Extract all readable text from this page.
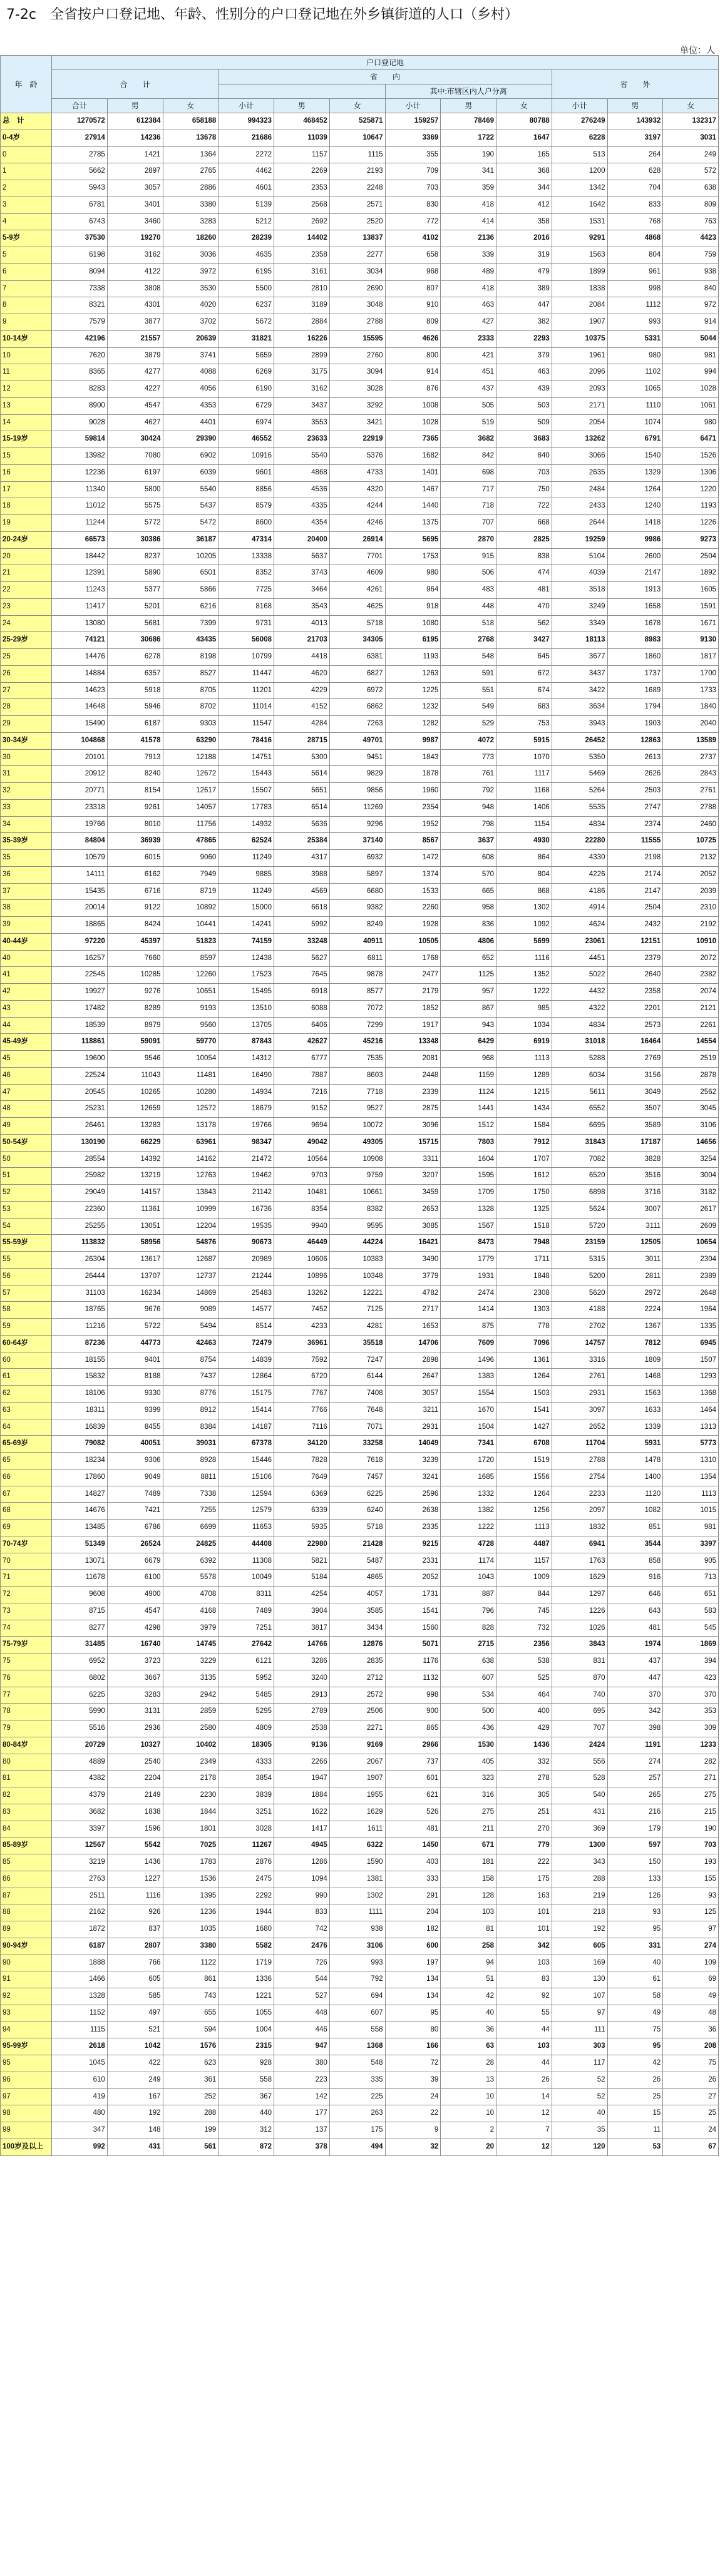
7-2c　全省按户口登记地、年龄、性别分的户口登记地在外乡镇街道的人口（乡村）
单位：人
年　龄	户口登记地											
	合　　计			省　　内						省　　外		
							其中:市辖区内人户分离					
	合计	男	女	小计	男	女	小计	男	女	小计	男	女
总　计	1270572	612384	658188	994323	468452	525871	159257	78469	80788	276249	143932	132317
0-4岁	27914	14236	13678	21686	11039	10647	3369	1722	1647	6228	3197	3031
0	2785	1421	1364	2272	1157	1115	355	190	165	513	264	249
1	5662	2897	2765	4462	2269	2193	709	341	368	1200	628	572
2	5943	3057	2886	4601	2353	2248	703	359	344	1342	704	638
3	6781	3401	3380	5139	2568	2571	830	418	412	1642	833	809
4	6743	3460	3283	5212	2692	2520	772	414	358	1531	768	763
5-9岁	37530	19270	18260	28239	14402	13837	4102	2136	2016	9291	4868	4423
5	6198	3162	3036	4635	2358	2277	658	339	319	1563	804	759
6	8094	4122	3972	6195	3161	3034	968	489	479	1899	961	938
7	7338	3808	3530	5500	2810	2690	807	418	389	1838	998	840
8	8321	4301	4020	6237	3189	3048	910	463	447	2084	1112	972
9	7579	3877	3702	5672	2884	2788	809	427	382	1907	993	914
10-14岁	42196	21557	20639	31821	16226	15595	4626	2333	2293	10375	5331	5044
10	7620	3879	3741	5659	2899	2760	800	421	379	1961	980	981
11	8365	4277	4088	6269	3175	3094	914	451	463	2096	1102	994
12	8283	4227	4056	6190	3162	3028	876	437	439	2093	1065	1028
13	8900	4547	4353	6729	3437	3292	1008	505	503	2171	1110	1061
14	9028	4627	4401	6974	3553	3421	1028	519	509	2054	1074	980
15-19岁	59814	30424	29390	46552	23633	22919	7365	3682	3683	13262	6791	6471
15	13982	7080	6902	10916	5540	5376	1682	842	840	3066	1540	1526
16	12236	6197	6039	9601	4868	4733	1401	698	703	2635	1329	1306
17	11340	5800	5540	8856	4536	4320	1467	717	750	2484	1264	1220
18	11012	5575	5437	8579	4335	4244	1440	718	722	2433	1240	1193
19	11244	5772	5472	8600	4354	4246	1375	707	668	2644	1418	1226
20-24岁	66573	30386	36187	47314	20400	26914	5695	2870	2825	19259	9986	9273
20	18442	8237	10205	13338	5637	7701	1753	915	838	5104	2600	2504
21	12391	5890	6501	8352	3743	4609	980	506	474	4039	2147	1892
22	11243	5377	5866	7725	3464	4261	964	483	481	3518	1913	1605
23	11417	5201	6216	8168	3543	4625	918	448	470	3249	1658	1591
24	13080	5681	7399	9731	4013	5718	1080	518	562	3349	1678	1671
25-29岁	74121	30686	43435	56008	21703	34305	6195	2768	3427	18113	8983	9130
25	14476	6278	8198	10799	4418	6381	1193	548	645	3677	1860	1817
26	14884	6357	8527	11447	4620	6827	1263	591	672	3437	1737	1700
27	14623	5918	8705	11201	4229	6972	1225	551	674	3422	1689	1733
28	14648	5946	8702	11014	4152	6862	1232	549	683	3634	1794	1840
29	15490	6187	9303	11547	4284	7263	1282	529	753	3943	1903	2040
30-34岁	104868	41578	63290	78416	28715	49701	9987	4072	5915	26452	12863	13589
30	20101	7913	12188	14751	5300	9451	1843	773	1070	5350	2613	2737
31	20912	8240	12672	15443	5614	9829	1878	761	1117	5469	2626	2843
32	20771	8154	12617	15507	5651	9856	1960	792	1168	5264	2503	2761
33	23318	9261	14057	17783	6514	11269	2354	948	1406	5535	2747	2788
34	19766	8010	11756	14932	5636	9296	1952	798	1154	4834	2374	2460
35-39岁	84804	36939	47865	62524	25384	37140	8567	3637	4930	22280	11555	10725
35	10579	6015	9060	11249	4317	6932	1472	608	864	4330	2198	2132
36	14111	6162	7949	9885	3988	5897	1374	570	804	4226	2174	2052
37	15435	6716	8719	11249	4569	6680	1533	665	868	4186	2147	2039
38	20014	9122	10892	15000	6618	9382	2260	958	1302	4914	2504	2310
39	18865	8424	10441	14241	5992	8249	1928	836	1092	4624	2432	2192
40-44岁	97220	45397	51823	74159	33248	40911	10505	4806	5699	23061	12151	10910
40	16257	7660	8597	12438	5627	6811	1768	652	1116	4451	2379	2072
41	22545	10285	12260	17523	7645	9878	2477	1125	1352	5022	2640	2382
42	19927	9276	10651	15495	6918	8577	2179	957	1222	4432	2358	2074
43	17482	8289	9193	13510	6088	7072	1852	867	985	4322	2201	2121
44	18539	8979	9560	13705	6406	7299	1917	943	1034	4834	2573	2261
45-49岁	118861	59091	59770	87843	42627	45216	13348	6429	6919	31018	16464	14554
45	19600	9546	10054	14312	6777	7535	2081	968	1113	5288	2769	2519
46	22524	11043	11481	16490	7887	8603	2448	1159	1289	6034	3156	2878
47	20545	10265	10280	14934	7216	7718	2339	1124	1215	5611	3049	2562
48	25231	12659	12572	18679	9152	9527	2875	1441	1434	6552	3507	3045
49	26461	13283	13178	19766	9694	10072	3096	1512	1584	6695	3589	3106
50-54岁	130190	66229	63961	98347	49042	49305	15715	7803	7912	31843	17187	14656
50	28554	14392	14162	21472	10564	10908	3311	1604	1707	7082	3828	3254
51	25982	13219	12763	19462	9703	9759	3207	1595	1612	6520	3516	3004
52	29049	14157	13843	21142	10481	10661	3459	1709	1750	6898	3716	3182
53	22360	11361	10999	16736	8354	8382	2653	1328	1325	5624	3007	2617
54	25255	13051	12204	19535	9940	9595	3085	1567	1518	5720	3111	2609
55-59岁	113832	58956	54876	90673	46449	44224	16421	8473	7948	23159	12505	10654
55	26304	13617	12687	20989	10606	10383	3490	1779	1711	5315	3011	2304
56	26444	13707	12737	21244	10896	10348	3779	1931	1848	5200	2811	2389
57	31103	16234	14869	25483	13262	12221	4782	2474	2308	5620	2972	2648
58	18765	9676	9089	14577	7452	7125	2717	1414	1303	4188	2224	1964
59	11216	5722	5494	8514	4233	4281	1653	875	778	2702	1367	1335
60-64岁	87236	44773	42463	72479	36961	35518	14706	7609	7096	14757	7812	6945
60	18155	9401	8754	14839	7592	7247	2898	1496	1361	3316	1809	1507
61	15832	8188	7437	12864	6720	6144	2647	1383	1264	2761	1468	1293
62	18106	9330	8776	15175	7767	7408	3057	1554	1503	2931	1563	1368
63	18311	9399	8912	15414	7766	7648	3211	1670	1541	3097	1633	1464
64	16839	8455	8384	14187	7116	7071	2931	1504	1427	2652	1339	1313
65-69岁	79082	40051	39031	67378	34120	33258	14049	7341	6708	11704	5931	5773
65	18234	9306	8928	15446	7828	7618	3239	1720	1519	2788	1478	1310
66	17860	9049	8811	15106	7649	7457	3241	1685	1556	2754	1400	1354
67	14827	7489	7338	12594	6369	6225	2596	1332	1264	2233	1120	1113
68	14676	7421	7255	12579	6339	6240	2638	1382	1256	2097	1082	1015
69	13485	6786	6699	11653	5935	5718	2335	1222	1113	1832	851	981
70-74岁	51349	26524	24825	44408	22980	21428	9215	4728	4487	6941	3544	3397
70	13071	6679	6392	11308	5821	5487	2331	1174	1157	1763	858	905
71	11678	6100	5578	10049	5184	4865	2052	1043	1009	1629	916	713
72	9608	4900	4708	8311	4254	4057	1731	887	844	1297	646	651
73	8715	4547	4168	7489	3904	3585	1541	796	745	1226	643	583
74	8277	4298	3979	7251	3817	3434	1560	828	732	1026	481	545
75-79岁	31485	16740	14745	27642	14766	12876	5071	2715	2356	3843	1974	1869
75	6952	3723	3229	6121	3286	2835	1176	638	538	831	437	394
76	6802	3667	3135	5952	3240	2712	1132	607	525	870	447	423
77	6225	3283	2942	5485	2913	2572	998	534	464	740	370	370
78	5990	3131	2859	5295	2789	2506	900	500	400	695	342	353
79	5516	2936	2580	4809	2538	2271	865	436	429	707	398	309
80-84岁	20729	10327	10402	18305	9136	9169	2966	1530	1436	2424	1191	1233
80	4889	2540	2349	4333	2266	2067	737	405	332	556	274	282
81	4382	2204	2178	3854	1947	1907	601	323	278	528	257	271
82	4379	2149	2230	3839	1884	1955	621	316	305	540	265	275
83	3682	1838	1844	3251	1622	1629	526	275	251	431	216	215
84	3397	1596	1801	3028	1417	1611	481	211	270	369	179	190
85-89岁	12567	5542	7025	11267	4945	6322	1450	671	779	1300	597	703
85	3219	1436	1783	2876	1286	1590	403	181	222	343	150	193
86	2763	1227	1536	2475	1094	1381	333	158	175	288	133	155
87	2511	1116	1395	2292	990	1302	291	128	163	219	126	93
88	2162	926	1236	1944	833	1111	204	103	101	218	93	125
89	1872	837	1035	1680	742	938	182	81	101	192	95	97
90-94岁	6187	2807	3380	5582	2476	3106	600	258	342	605	331	274
90	1888	766	1122	1719	726	993	197	94	103	169	40	109
91	1466	605	861	1336	544	792	134	51	83	130	61	69
92	1328	585	743	1221	527	694	134	42	92	107	58	49
93	1152	497	655	1055	448	607	95	40	55	97	49	48
94	1115	521	594	1004	446	558	80	36	44	111	75	36
95-99岁	2618	1042	1576	2315	947	1368	166	63	103	303	95	208
95	1045	422	623	928	380	548	72	28	44	117	42	75
96	610	249	361	558	223	335	39	13	26	52	26	26
97	419	167	252	367	142	225	24	10	14	52	25	27
98	480	192	288	440	177	263	22	10	12	40	15	25
99	347	148	199	312	137	175	9	2	7	35	11	24
100岁及以上	992	431	561	872	378	494	32	20	12	120	53	67
